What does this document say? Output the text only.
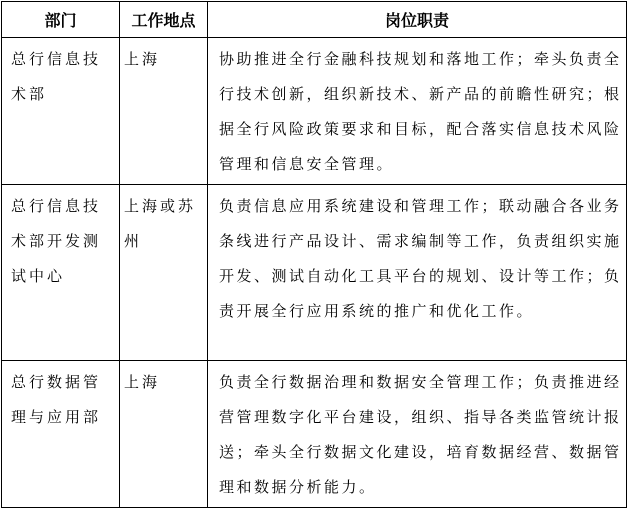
部门	工作地点	岗位职责
总行信息技术部	上海	协助推进全行金融科技规划和落地工作；牵头负责全行技术创新，组织新技术、新产品的前瞻性研究；根据全行风险政策要求和目标，配合落实信息技术风险管理和信息安全管理。
总行信息技术部开发测试中心	上海或苏州	负责信息应用系统建设和管理工作；联动融合各业务条线进行产品设计、需求编制等工作，负责组织实施开发、测试自动化工具平台的规划、设计等工作；负责开展全行应用系统的推广和优化工作。
总行数据管理与应用部	上海	负责全行数据治理和数据安全管理工作；负责推进经营管理数字化平台建设，组织、指导各类监管统计报送；牵头全行数据文化建设，培育数据经营、数据管理和数据分析能力。
